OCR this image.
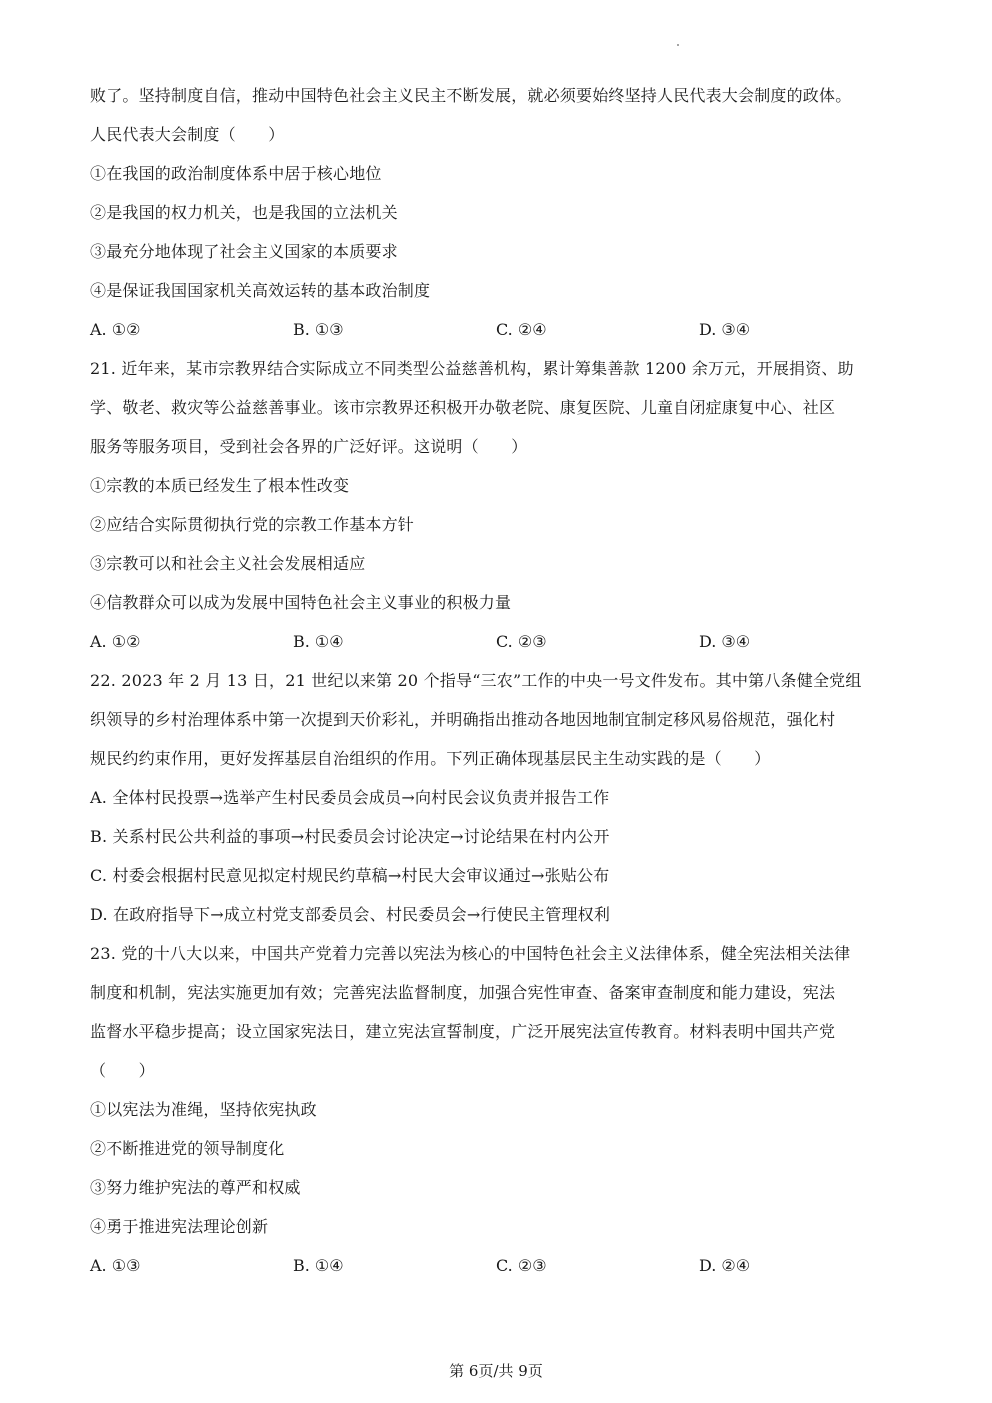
败了。坚持制度自信，推动中国特色社会主义民主不断发展，就必须要始终坚持人民代表大会制度的政体。
人民代表大会制度（　　）
①在我国的政治制度体系中居于核心地位
②是我国的权力机关，也是我国的立法机关
③最充分地体现了社会主义国家的本质要求
④是保证我国国家机关高效运转的基本政治制度
A. ①②	B. ①③	C. ②④	D. ③④
21. 近年来，某市宗教界结合实际成立不同类型公益慈善机构，累计筹集善款 1200 余万元，开展捐资、助
学、敬老、救灾等公益慈善事业。该市宗教界还积极开办敬老院、康复医院、儿童自闭症康复中心、社区
服务等服务项目，受到社会各界的广泛好评。这说明（　　）
①宗教的本质已经发生了根本性改变
②应结合实际贯彻执行党的宗教工作基本方针
③宗教可以和社会主义社会发展相适应
④信教群众可以成为发展中国特色社会主义事业的积极力量
A. ①②	B. ①④	C. ②③	D. ③④
22. 2023 年 2 月 13 日，21 世纪以来第 20 个指导“三农”工作的中央一号文件发布。其中第八条健全党组
织领导的乡村治理体系中第一次提到天价彩礼，并明确指出推动各地因地制宜制定移风易俗规范，强化村
规民约约束作用，更好发挥基层自治组织的作用。下列正确体现基层民主生动实践的是（　　）
A. 全体村民投票→选举产生村民委员会成员→向村民会议负责并报告工作
B. 关系村民公共利益的事项→村民委员会讨论决定→讨论结果在村内公开
C. 村委会根据村民意见拟定村规民约草稿→村民大会审议通过→张贴公布
D. 在政府指导下→成立村党支部委员会、村民委员会→行使民主管理权利
23. 党的十八大以来，中国共产党着力完善以宪法为核心的中国特色社会主义法律体系，健全宪法相关法律
制度和机制，宪法实施更加有效；完善宪法监督制度，加强合宪性审查、备案审查制度和能力建设，宪法
监督水平稳步提高；设立国家宪法日，建立宪法宣誓制度，广泛开展宪法宣传教育。材料表明中国共产党
（　　）
①以宪法为准绳，坚持依宪执政
②不断推进党的领导制度化
③努力维护宪法的尊严和权威
④勇于推进宪法理论创新
A. ①③	B. ①④	C. ②③	D. ②④
第 6页/共 9页
